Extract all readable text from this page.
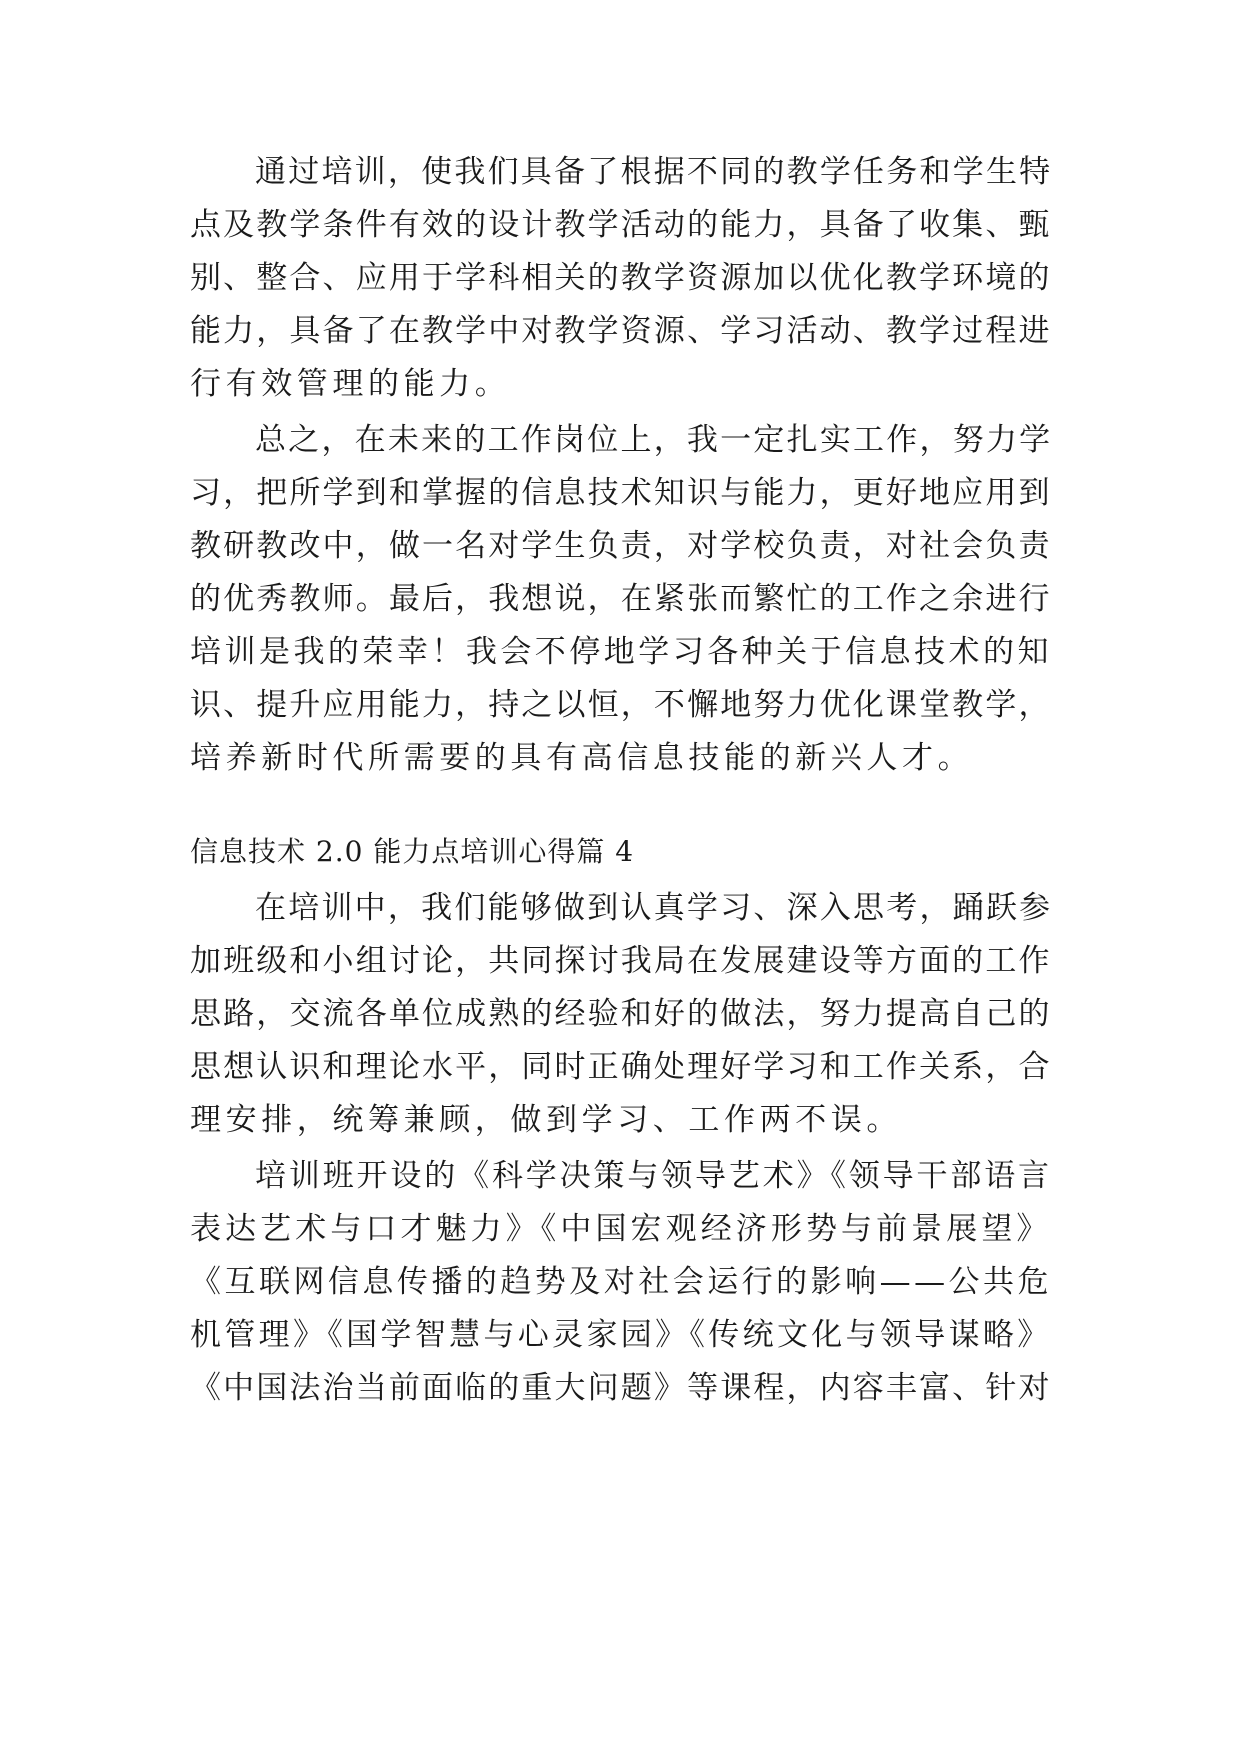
通过培训，使我们具备了根据不同的教学任务和学生特
点及教学条件有效的设计教学活动的能力，具备了收集、甄
别、整合、应用于学科相关的教学资源加以优化教学环境的
能力，具备了在教学中对教学资源、学习活动、教学过程进
行有效管理的能力。
总之，在未来的工作岗位上，我一定扎实工作，努力学
习，把所学到和掌握的信息技术知识与能力，更好地应用到
教研教改中，做一名对学生负责，对学校负责，对社会负责
的优秀教师。最后，我想说，在紧张而繁忙的工作之余进行
培训是我的荣幸！我会不停地学习各种关于信息技术的知
识、提升应用能力，持之以恒，不懈地努力优化课堂教学，
培养新时代所需要的具有高信息技能的新兴人才。
信息技术 2.0 能力点培训心得篇 4
在培训中，我们能够做到认真学习、深入思考，踊跃参
加班级和小组讨论，共同探讨我局在发展建设等方面的工作
思路，交流各单位成熟的经验和好的做法，努力提高自己的
思想认识和理论水平，同时正确处理好学习和工作关系，合
理安排，统筹兼顾，做到学习、工作两不误。
培训班开设的《科学决策与领导艺术》《领导干部语言
表达艺术与口才魅力》《中国宏观经济形势与前景展望》
《互联网信息传播的趋势及对社会运行的影响——公共危
机管理》《国学智慧与心灵家园》《传统文化与领导谋略》
《中国法治当前面临的重大问题》等课程，内容丰富、针对
